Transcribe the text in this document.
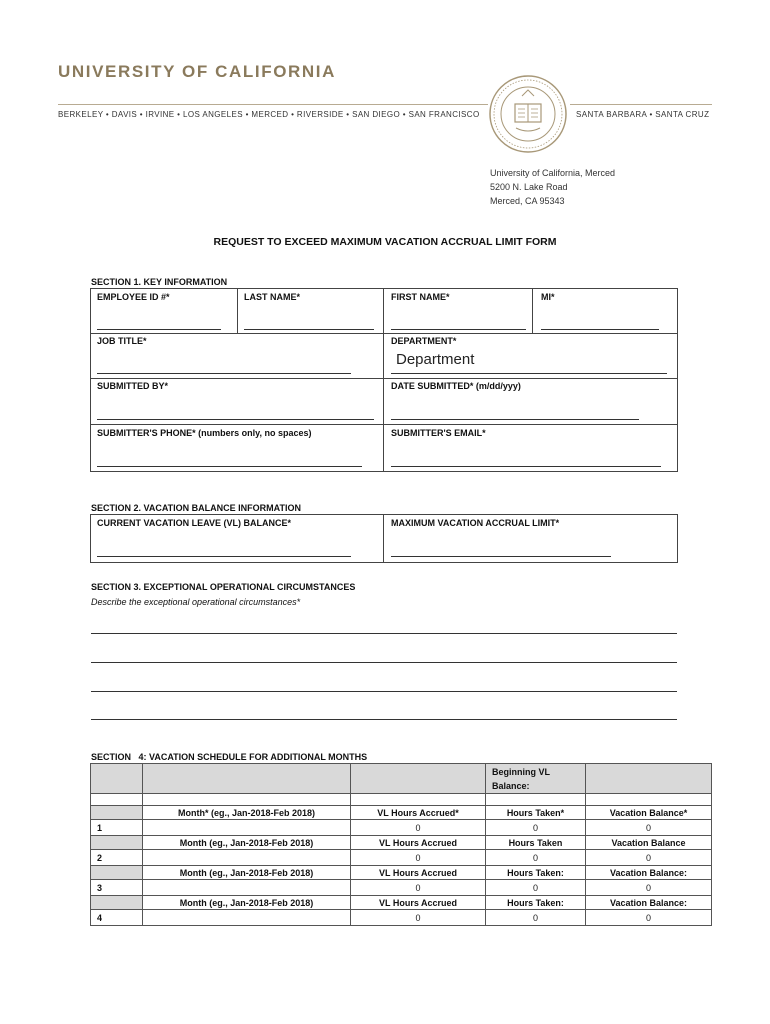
UNIVERSITY OF CALIFORNIA
BERKELEY • DAVIS • IRVINE • LOS ANGELES • MERCED • RIVERSIDE • SAN DIEGO • SAN FRANCISCO	SANTA BARBARA • SANTA CRUZ
University of California, Merced
5200 N. Lake Road
Merced, CA 95343
REQUEST TO EXCEED MAXIMUM VACATION ACCRUAL LIMIT FORM
SECTION 1. KEY INFORMATION
EMPLOYEE ID #*	LAST NAME*	FIRST NAME*	MI*
JOB TITLE*	DEPARTMENT*
Department
SUBMITTED BY*	DATE SUBMITTED* (m/dd/yyy)
SUBMITTER'S PHONE* (numbers only, no spaces)	SUBMITTER'S EMAIL*
SECTION 2. VACATION BALANCE INFORMATION
CURRENT VACATION LEAVE (VL) BALANCE*	MAXIMUM VACATION ACCRUAL LIMIT*
SECTION 3. EXCEPTIONAL OPERATIONAL CIRCUMSTANCES
Describe the exceptional operational circumstances*
SECTION   4: VACATION SCHEDULE FOR ADDITIONAL MONTHS
			Beginning VL Balance:	

	Month* (eg., Jan-2018-Feb 2018)	VL Hours Accrued*	Hours Taken*	Vacation Balance*
1		0	0	0
	Month (eg., Jan-2018-Feb 2018)	VL Hours Accrued	Hours Taken	Vacation Balance
2		0	0	0
	Month (eg., Jan-2018-Feb 2018)	VL Hours Accrued	Hours Taken:	Vacation Balance:
3		0	0	0
	Month (eg., Jan-2018-Feb 2018)	VL Hours Accrued	Hours Taken:	Vacation Balance:
4		0	0	0
